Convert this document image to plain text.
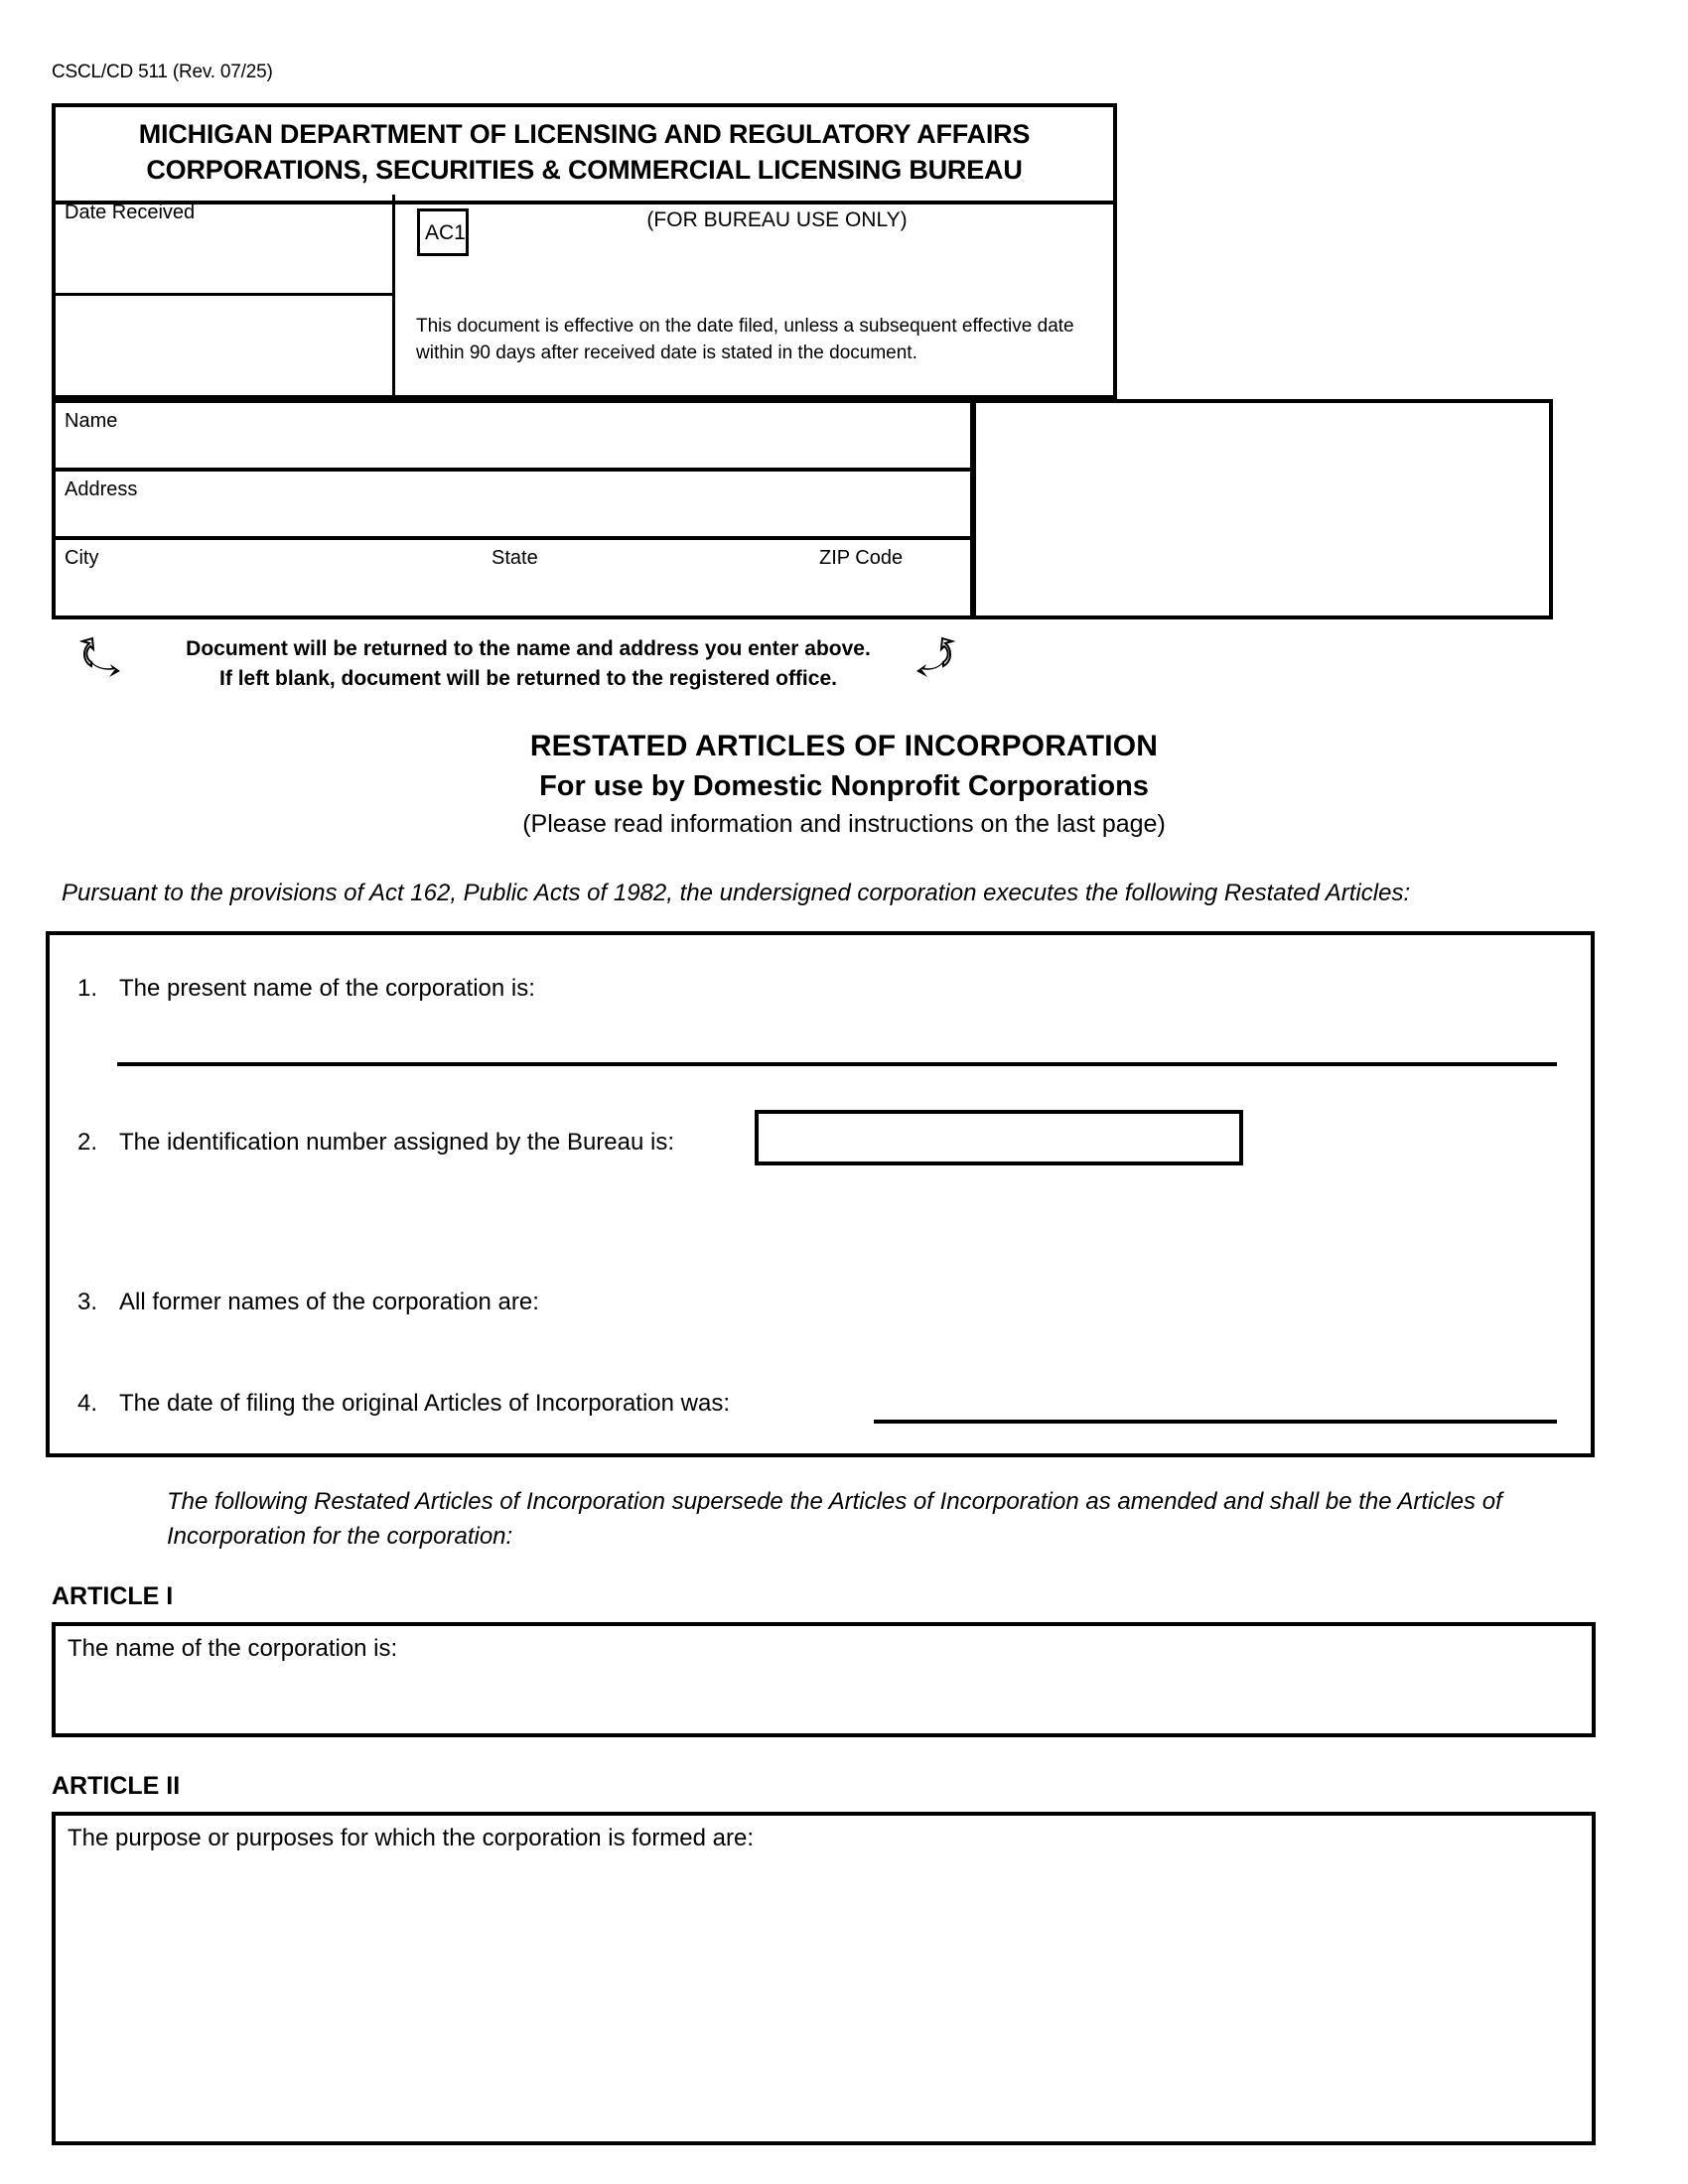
CSCL/CD 511 (Rev. 07/25)
MICHIGAN DEPARTMENT OF LICENSING AND REGULATORY AFFAIRS
CORPORATIONS, SECURITIES & COMMERCIAL LICENSING BUREAU
Date Received
AC1
(FOR BUREAU USE ONLY)
This document is effective on the date filed, unless a subsequent effective date within 90 days after received date is stated in the document.
Name
Address
City	State	ZIP Code
Document will be returned to the name and address you enter above.
If left blank, document will be returned to the registered office.
RESTATED ARTICLES OF INCORPORATION
For use by Domestic Nonprofit Corporations
(Please read information and instructions on the last page)
Pursuant to the provisions of Act 162, Public Acts of 1982, the undersigned corporation executes the following Restated Articles:
1. The present name of the corporation is:
2. The identification number assigned by the Bureau is:
3. All former names of the corporation are:
4. The date of filing the original Articles of Incorporation was:
The following Restated Articles of Incorporation supersede the Articles of Incorporation as amended and shall be the Articles of Incorporation for the corporation:
ARTICLE I
The name of the corporation is:
ARTICLE II
The purpose or purposes for which the corporation is formed are:
